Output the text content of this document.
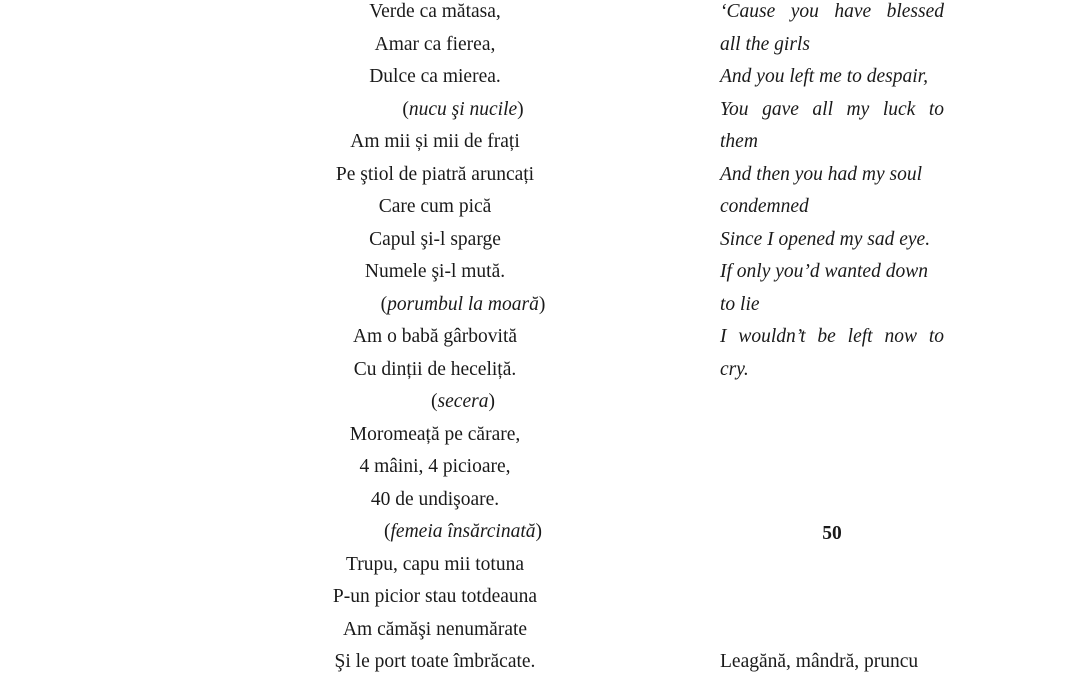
Verde ca mătasa,
Amar ca fierea,
Dulce ca mierea.
(nucu şi nucile)
Am mii și mii de frați
Pe ştiol de piatră aruncați
Care cum pică
Capul şi-l sparge
Numele şi-l mută.
(porumbul la moară)
Am o babă gârbovită
Cu dinții de heceliță.
(secera)
Moromeață pe cărare,
4 mâini, 4 picioare,
40 de undişoare.
(femeia însărcinată)
Trupu, capu mii totuna
P-un picior stau totdeauna
Am cămăşi nenumărate
Şi le port toate îmbrăcate.
‘Cause you have blessed
all the girls
And you left me to despair,
You gave all my luck to
them
And then you had my soul
condemned
Since I opened my sad eye.
If only you’d wanted down
to lie
I wouldn’t be left now to
cry.
Leagănă, mândră, pruncu
50
